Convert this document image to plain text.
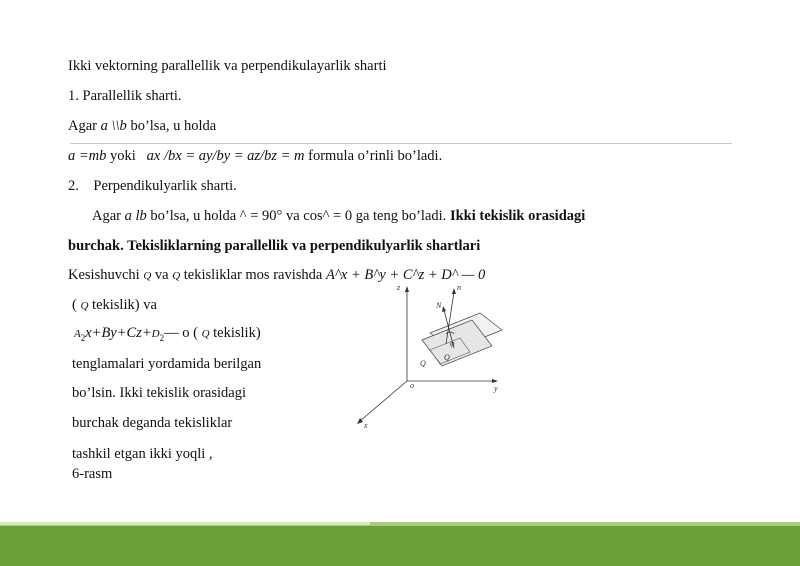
Ikki vektorning parallellik va perpendikulayarlik sharti
1. Parallellik sharti.
Agar a \\b bo’lsa, u holda
a =mb yoki   ax /bx = ay/by = az/bz = m formula o’rinli bo’ladi.
2. Perpendikulyarlik sharti.
Agar a lb bo’lsa, u holda ^ = 90° va cos^ = 0 ga teng bo’ladi. Ikki tekislik orasidagi
burchak. Tekisliklarning parallellik va perpendikulyarlik shartlari
Kesishuvchi Q va Q tekisliklar mos ravishda A^x + B^y + C^z + D^ — 0
( Q tekislik) va
$A_2x+By+Cz+D_2—$ o ( Q tekislik)
tenglamalari yordamida berilgan
bo’lsin. Ikki tekislik orasidagi
burchak deganda tekisliklar
tashkil etgan ikki yoqli ,
6-rasm
z
o	y
x
n
N
φ
Q
Q
